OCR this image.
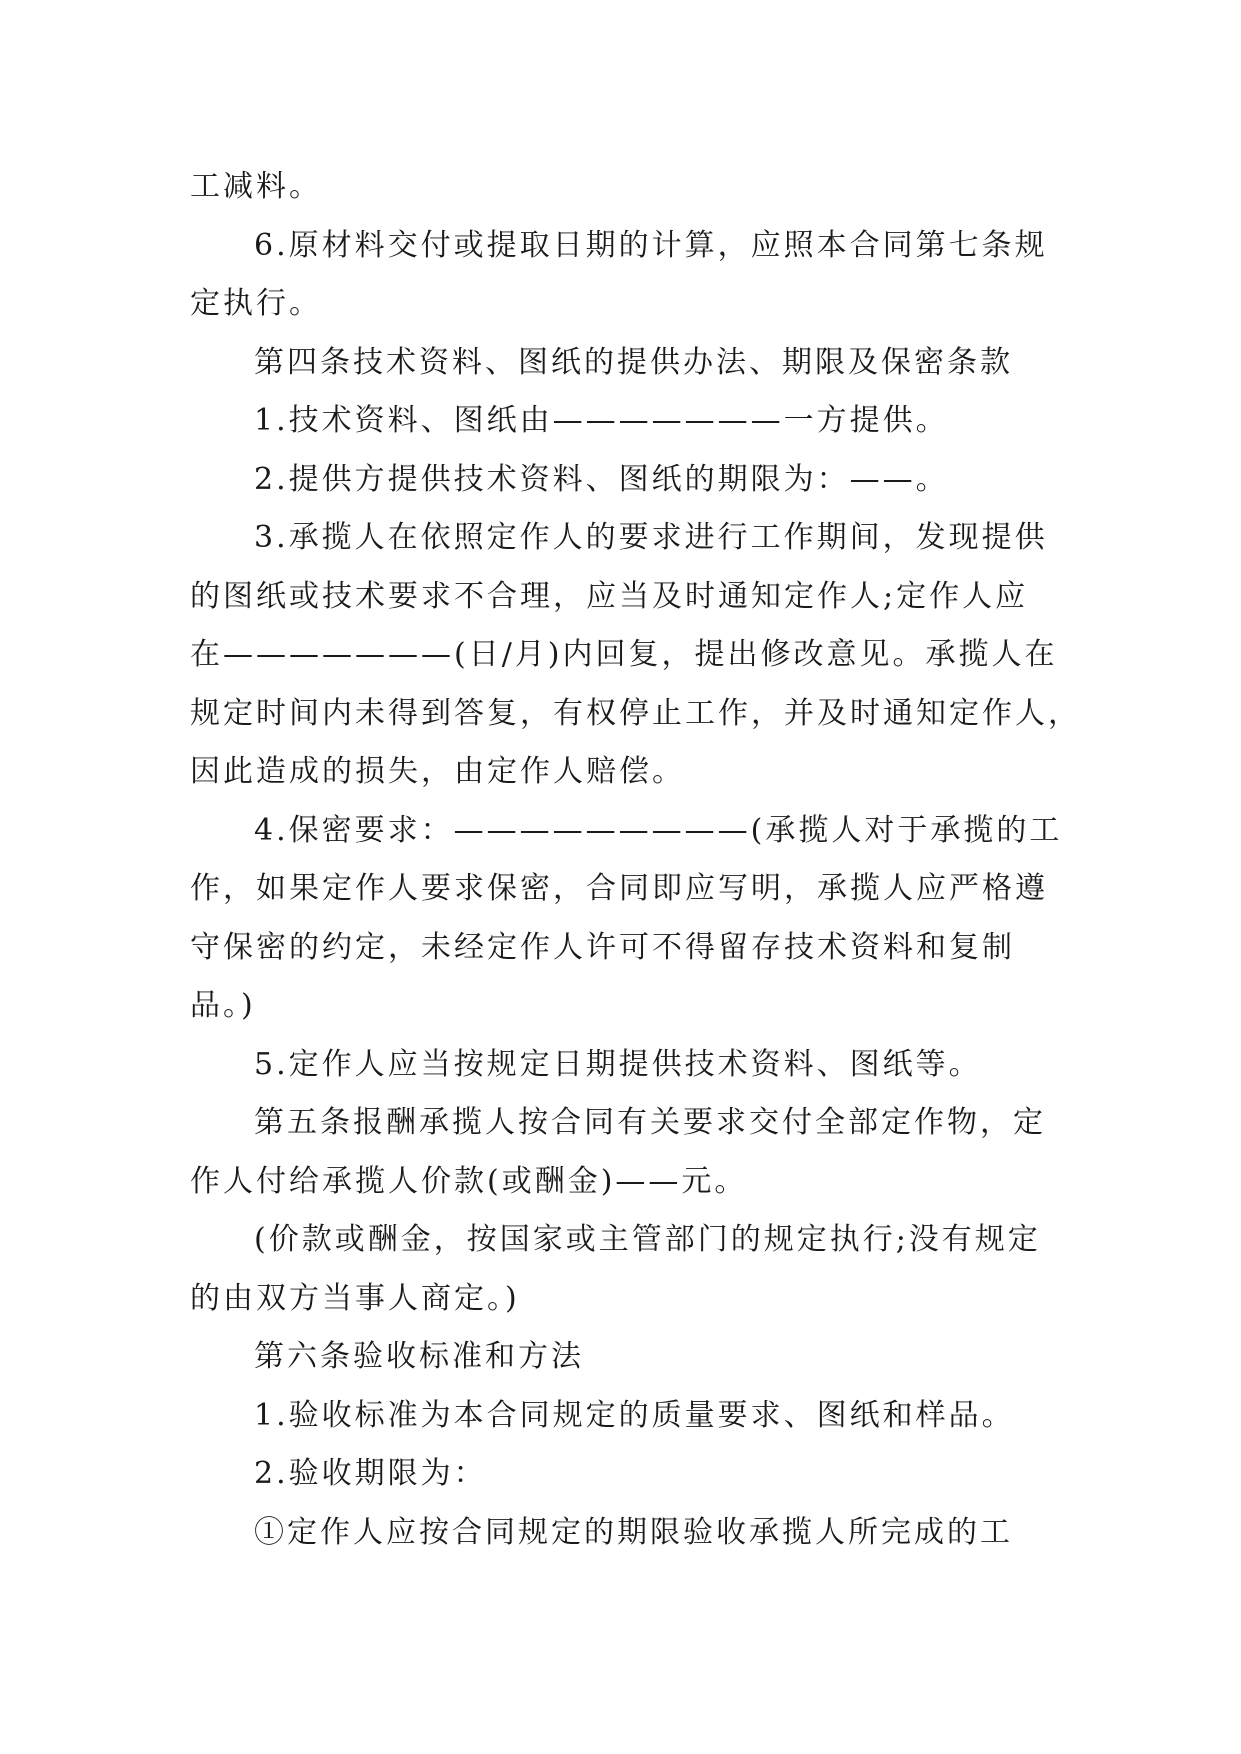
工减料。
6.原材料交付或提取日期的计算，应照本合同第七条规
定执行。
第四条技术资料、图纸的提供办法、期限及保密条款
1.技术资料、图纸由———————一方提供。
2.提供方提供技术资料、图纸的期限为：——。
3.承揽人在依照定作人的要求进行工作期间，发现提供
的图纸或技术要求不合理，应当及时通知定作人;定作人应
在———————(日/月)内回复，提出修改意见。承揽人在
规定时间内未得到答复，有权停止工作，并及时通知定作人，
因此造成的损失，由定作人赔偿。
4.保密要求：—————————(承揽人对于承揽的工
作，如果定作人要求保密，合同即应写明，承揽人应严格遵
守保密的约定，未经定作人许可不得留存技术资料和复制
品。)
5.定作人应当按规定日期提供技术资料、图纸等。
第五条报酬承揽人按合同有关要求交付全部定作物，定
作人付给承揽人价款(或酬金)——元。
(价款或酬金，按国家或主管部门的规定执行;没有规定
的由双方当事人商定。)
第六条验收标准和方法
1.验收标准为本合同规定的质量要求、图纸和样品。
2.验收期限为：
①定作人应按合同规定的期限验收承揽人所完成的工
